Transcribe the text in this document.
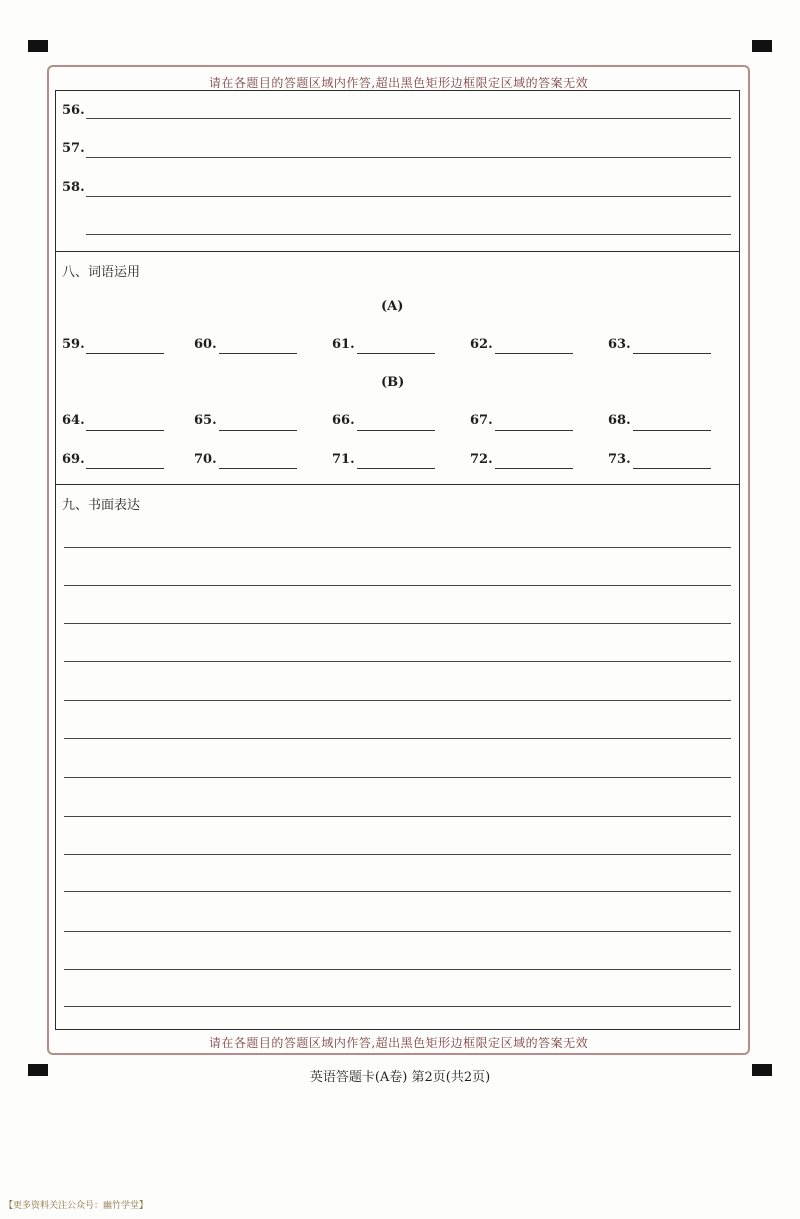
请在各题目的答题区域内作答,超出黑色矩形边框限定区域的答案无效
请在各题目的答题区域内作答,超出黑色矩形边框限定区域的答案无效
56.
57.
58.
八、词语运用
(A)
59.	60.	61.	62.	63.
(B)
64.	65.	66.	67.	68.
69.	70.	71.	72.	73.
九、书面表达
英语答题卡(A卷) 第2页(共2页)
【更多资料关注公众号：幽竹学堂】
